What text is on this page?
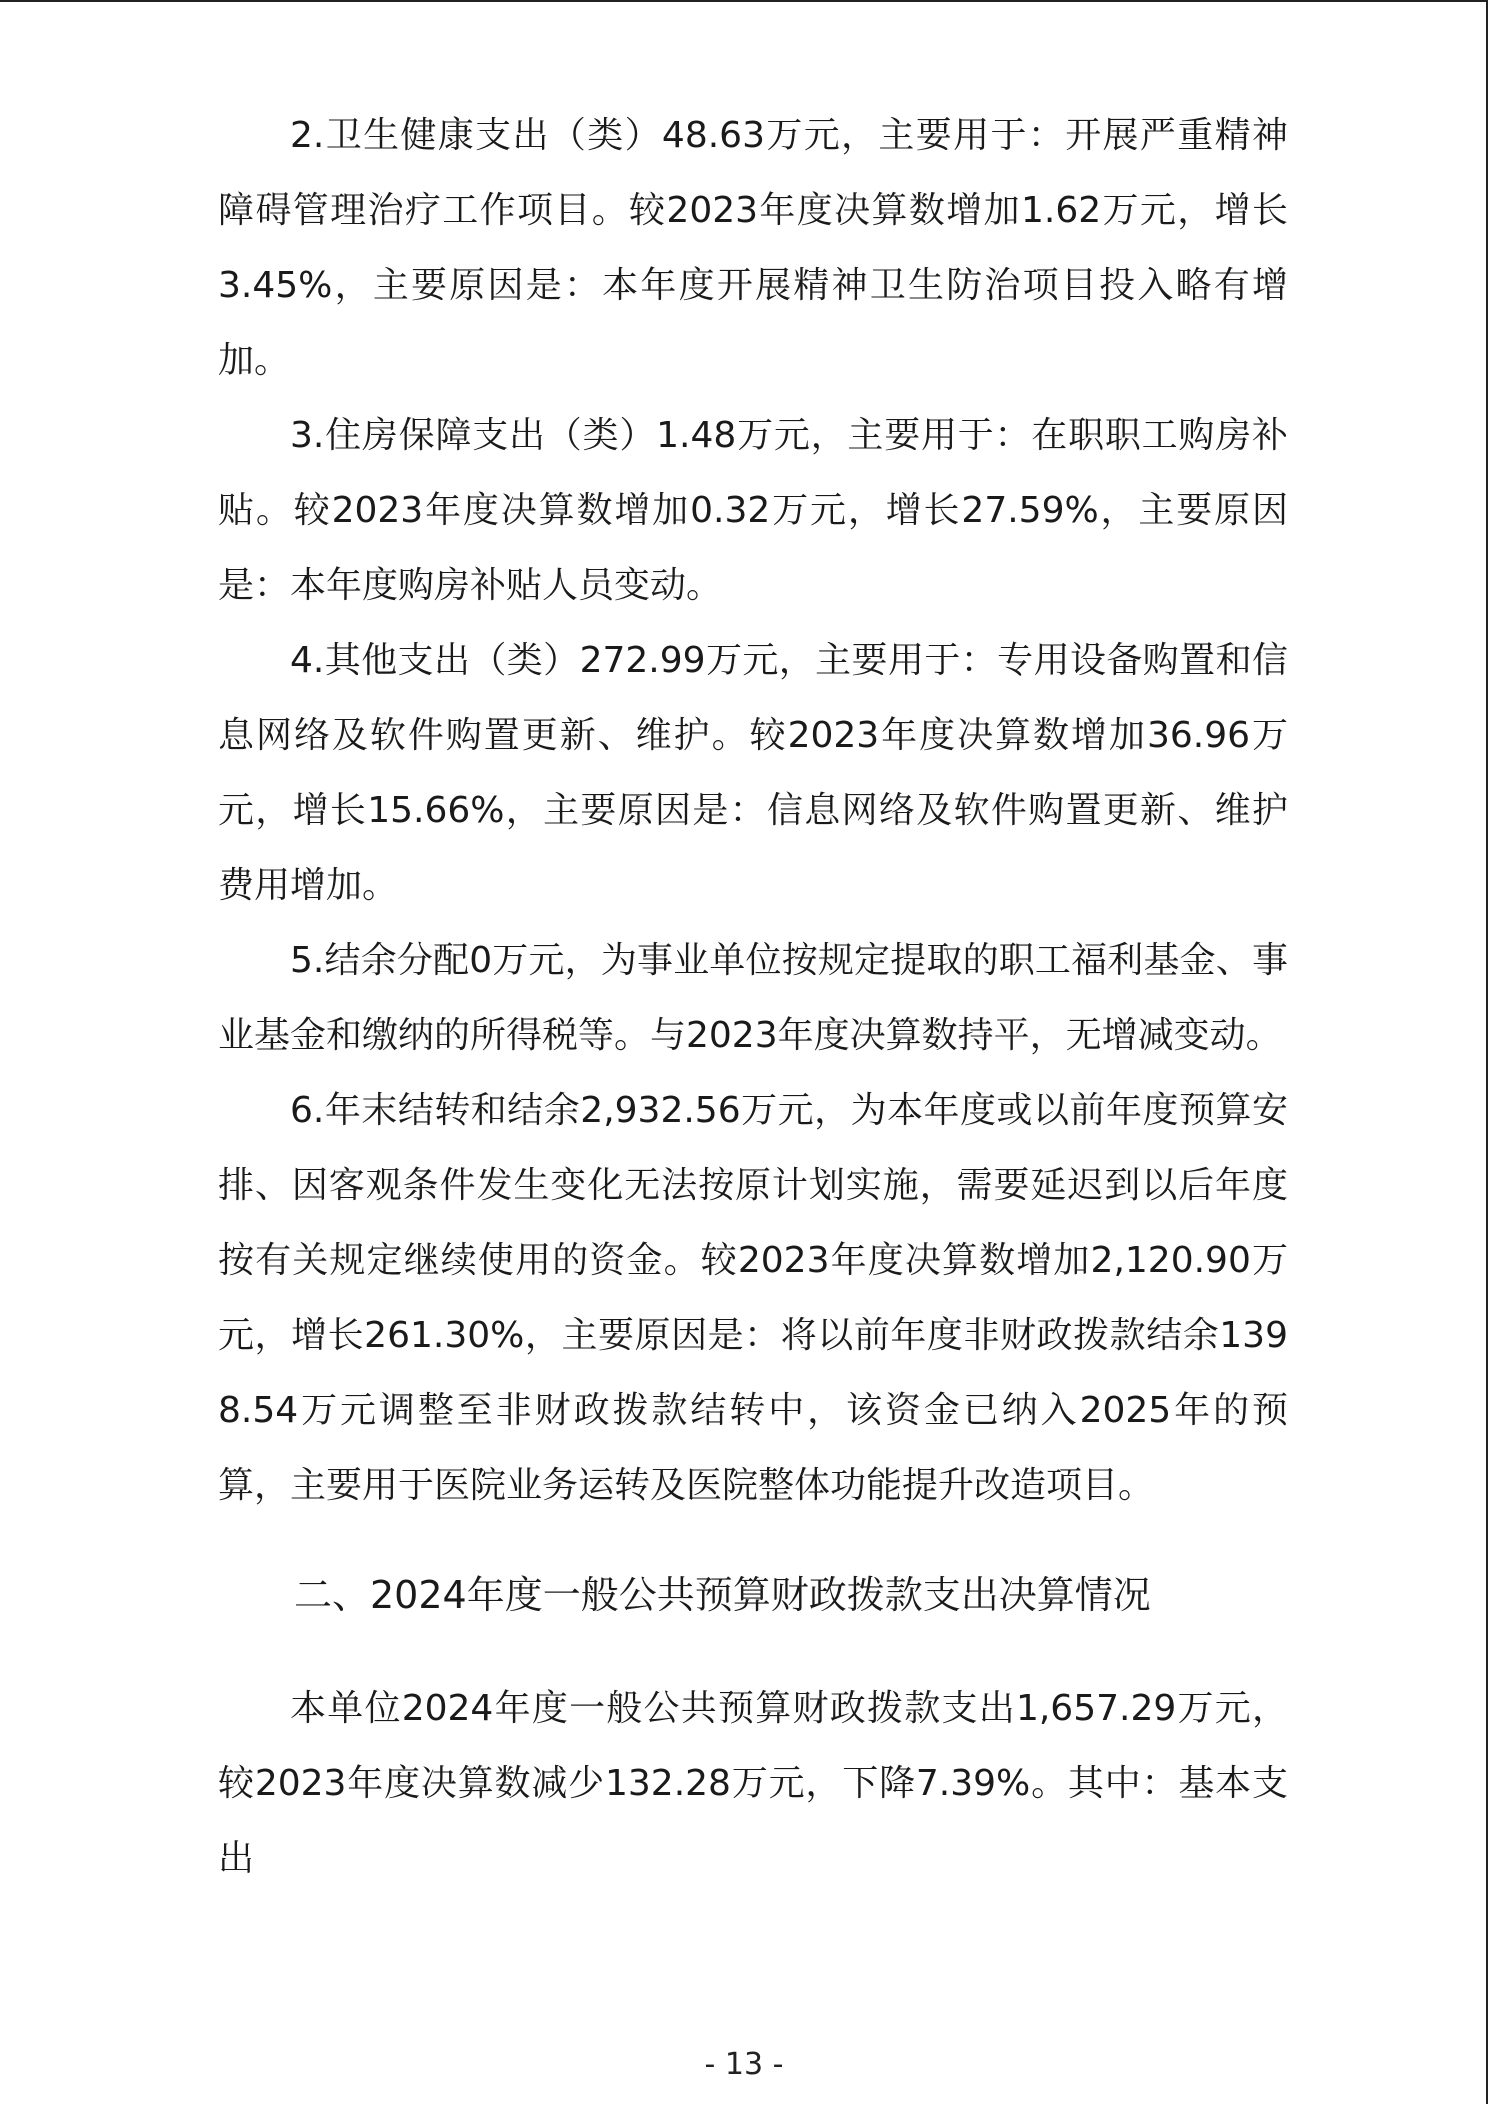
2.卫生健康支出（类）48.63万元，主要用于：开展严重精神障碍管理治疗工作项目。较2023年度决算数增加1.62万元，增长3.45%，主要原因是：本年度开展精神卫生防治项目投入略有增加。

3.住房保障支出（类）1.48万元，主要用于：在职职工购房补贴。较2023年度决算数增加0.32万元，增长27.59%，主要原因是：本年度购房补贴人员变动。

4.其他支出（类）272.99万元，主要用于：专用设备购置和信息网络及软件购置更新、维护。较2023年度决算数增加36.96万元，增长15.66%，主要原因是：信息网络及软件购置更新、维护费用增加。

5.结余分配0万元，为事业单位按规定提取的职工福利基金、事业基金和缴纳的所得税等。与2023年度决算数持平，无增减变动。

6.年末结转和结余2,932.56万元，为本年度或以前年度预算安排、因客观条件发生变化无法按原计划实施，需要延迟到以后年度按有关规定继续使用的资金。较2023年度决算数增加2,120.90万元，增长261.30%，主要原因是：将以前年度非财政拨款结余1398.54万元调整至非财政拨款结转中，该资金已纳入2025年的预算，主要用于医院业务运转及医院整体功能提升改造项目。

二、2024年度一般公共预算财政拨款支出决算情况

本单位2024年度一般公共预算财政拨款支出1,657.29万元，较2023年度决算数减少132.28万元，下降7.39%。其中：基本支出

- 13 -
